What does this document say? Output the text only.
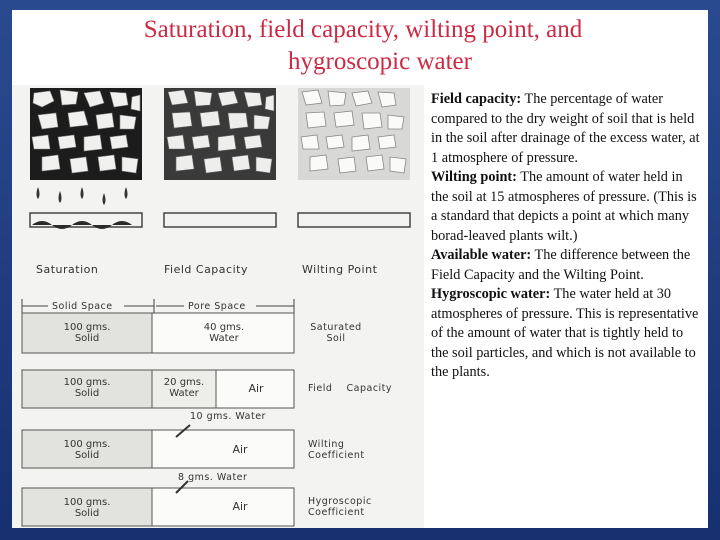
Saturation, field capacity, wilting point, and
hygroscopic water
Saturation	Field Capacity	Wilting Point
Solid Space	Pore Space
100 gms.
Solid
40 gms.
Water
Saturated
Soil
100 gms.
Solid
20 gms.
Water	Air	Field    Capacity
10 gms. Water
100 gms.
Solid	Air	Wilting
Coefficient
8 gms. Water
100 gms.
Solid
Air	Hygroscopic
Coefficient

Field capacity: The percentage of water compared to the dry weight of soil that is held in the soil after drainage of the excess water, at 1 atmosphere of pressure.

Wilting point: The amount of water held in the soil at 15 atmospheres of pressure. (This is a standard that depicts a point at which many borad-leaved plants wilt.)

Available water: The difference between the Field Capacity and the Wilting Point.

Hygroscopic water: The water held at 30 atmospheres of pressure. This is representative of the amount of water that is tightly held to the soil particles, and which is not available to the plants.
